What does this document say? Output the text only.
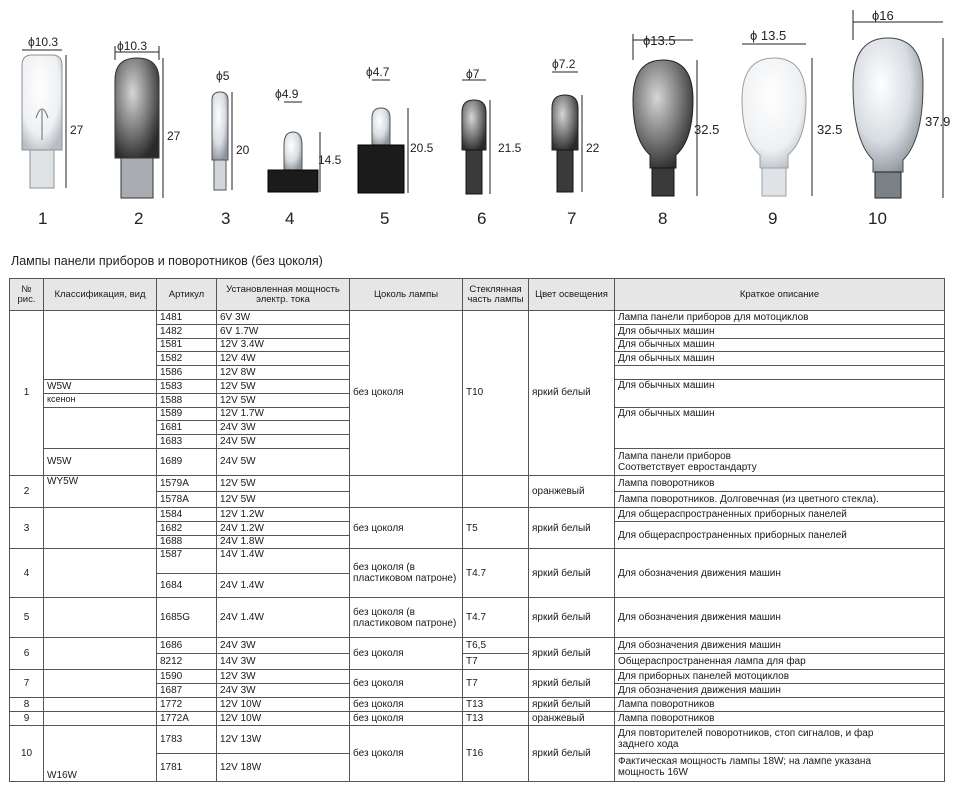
ϕ10.3
27
1
ϕ10.3
27
2
ϕ5
20
3
ϕ4.9
14.5
4
ϕ4.7
20.5
5
ϕ7
21.5
6
ϕ7.2
22
7
ϕ13.5
32.5
8
ϕ 13.5
32.5
9
ϕ16
37.9
10
Лампы панели приборов и поворотников (без цоколя)
№ рис.	Классификация, вид	Артикул	Установленная мощность электр. тока	Цоколь лампы	Стеклянная часть лампы	Цвет освещения	Краткое описание
1		1481	6V 3W	без цоколя	T10	яркий белый	Лампа панели приборов для мотоциклов
		1482	6V 1.7W				Для обычных машин
		1581	12V 3.4W				Для обычных машин
		1582	12V 4W				Для обычных машин
		1586	12V 8W				
	W5W	1583	12V 5W				Для обычных машин
	ксенон	1588	12V 5W				
		1589	12V 1.7W				Для обычных машин
		1681	24V 3W				
		1683	24V 5W				
	W5W	1689	24V 5W				Лампа панели приборов
Соответствует евростандарту

2	WY5W	1579A	12V 5W			оранжевый	Лампа поворотников
		1578A	12V 5W				Лампа поворотников. Долговечная (из цветного стекла).
3		1584	12V 1.2W	без цоколя	T5	яркий белый	Для общераспространенных приборных панелей
		1682	24V 1.2W				Для общераспространенных приборных панелей
		1688	24V 1.8W				
4		1587	14V 1.4W	без цоколя (в пластиковом патроне)	T4.7	яркий белый	Для обозначения движения машин
		1684	24V 1.4W				
5		1685G	24V 1.4W	без цоколя (в пластиковом патроне)	T4.7	яркий белый	Для обозначения движения машин
6		1686	24V 3W	без цоколя	T6,5	яркий белый	Для обозначения движения машин
		8212	14V 3W		T7		Общераспространенная лампа для фар
7		1590	12V 3W	без цоколя	T7	яркий белый	Для приборных панелей мотоциклов
		1687	24V 3W				Для обозначения движения машин
8		1772	12V 10W	без цоколя	T13	яркий белый	Лампа поворотников
9		1772A	12V 10W	без цоколя	T13	оранжевый	Лампа поворотников
10	W16W	1783	12V 13W	без цоколя	T16	яркий белый	Для повторителей поворотников, стоп сигналов, и фар
заднего хода

		1781	12V 18W				Фактическая мощность лампы 18W; на лампе указана
мощность 16W
